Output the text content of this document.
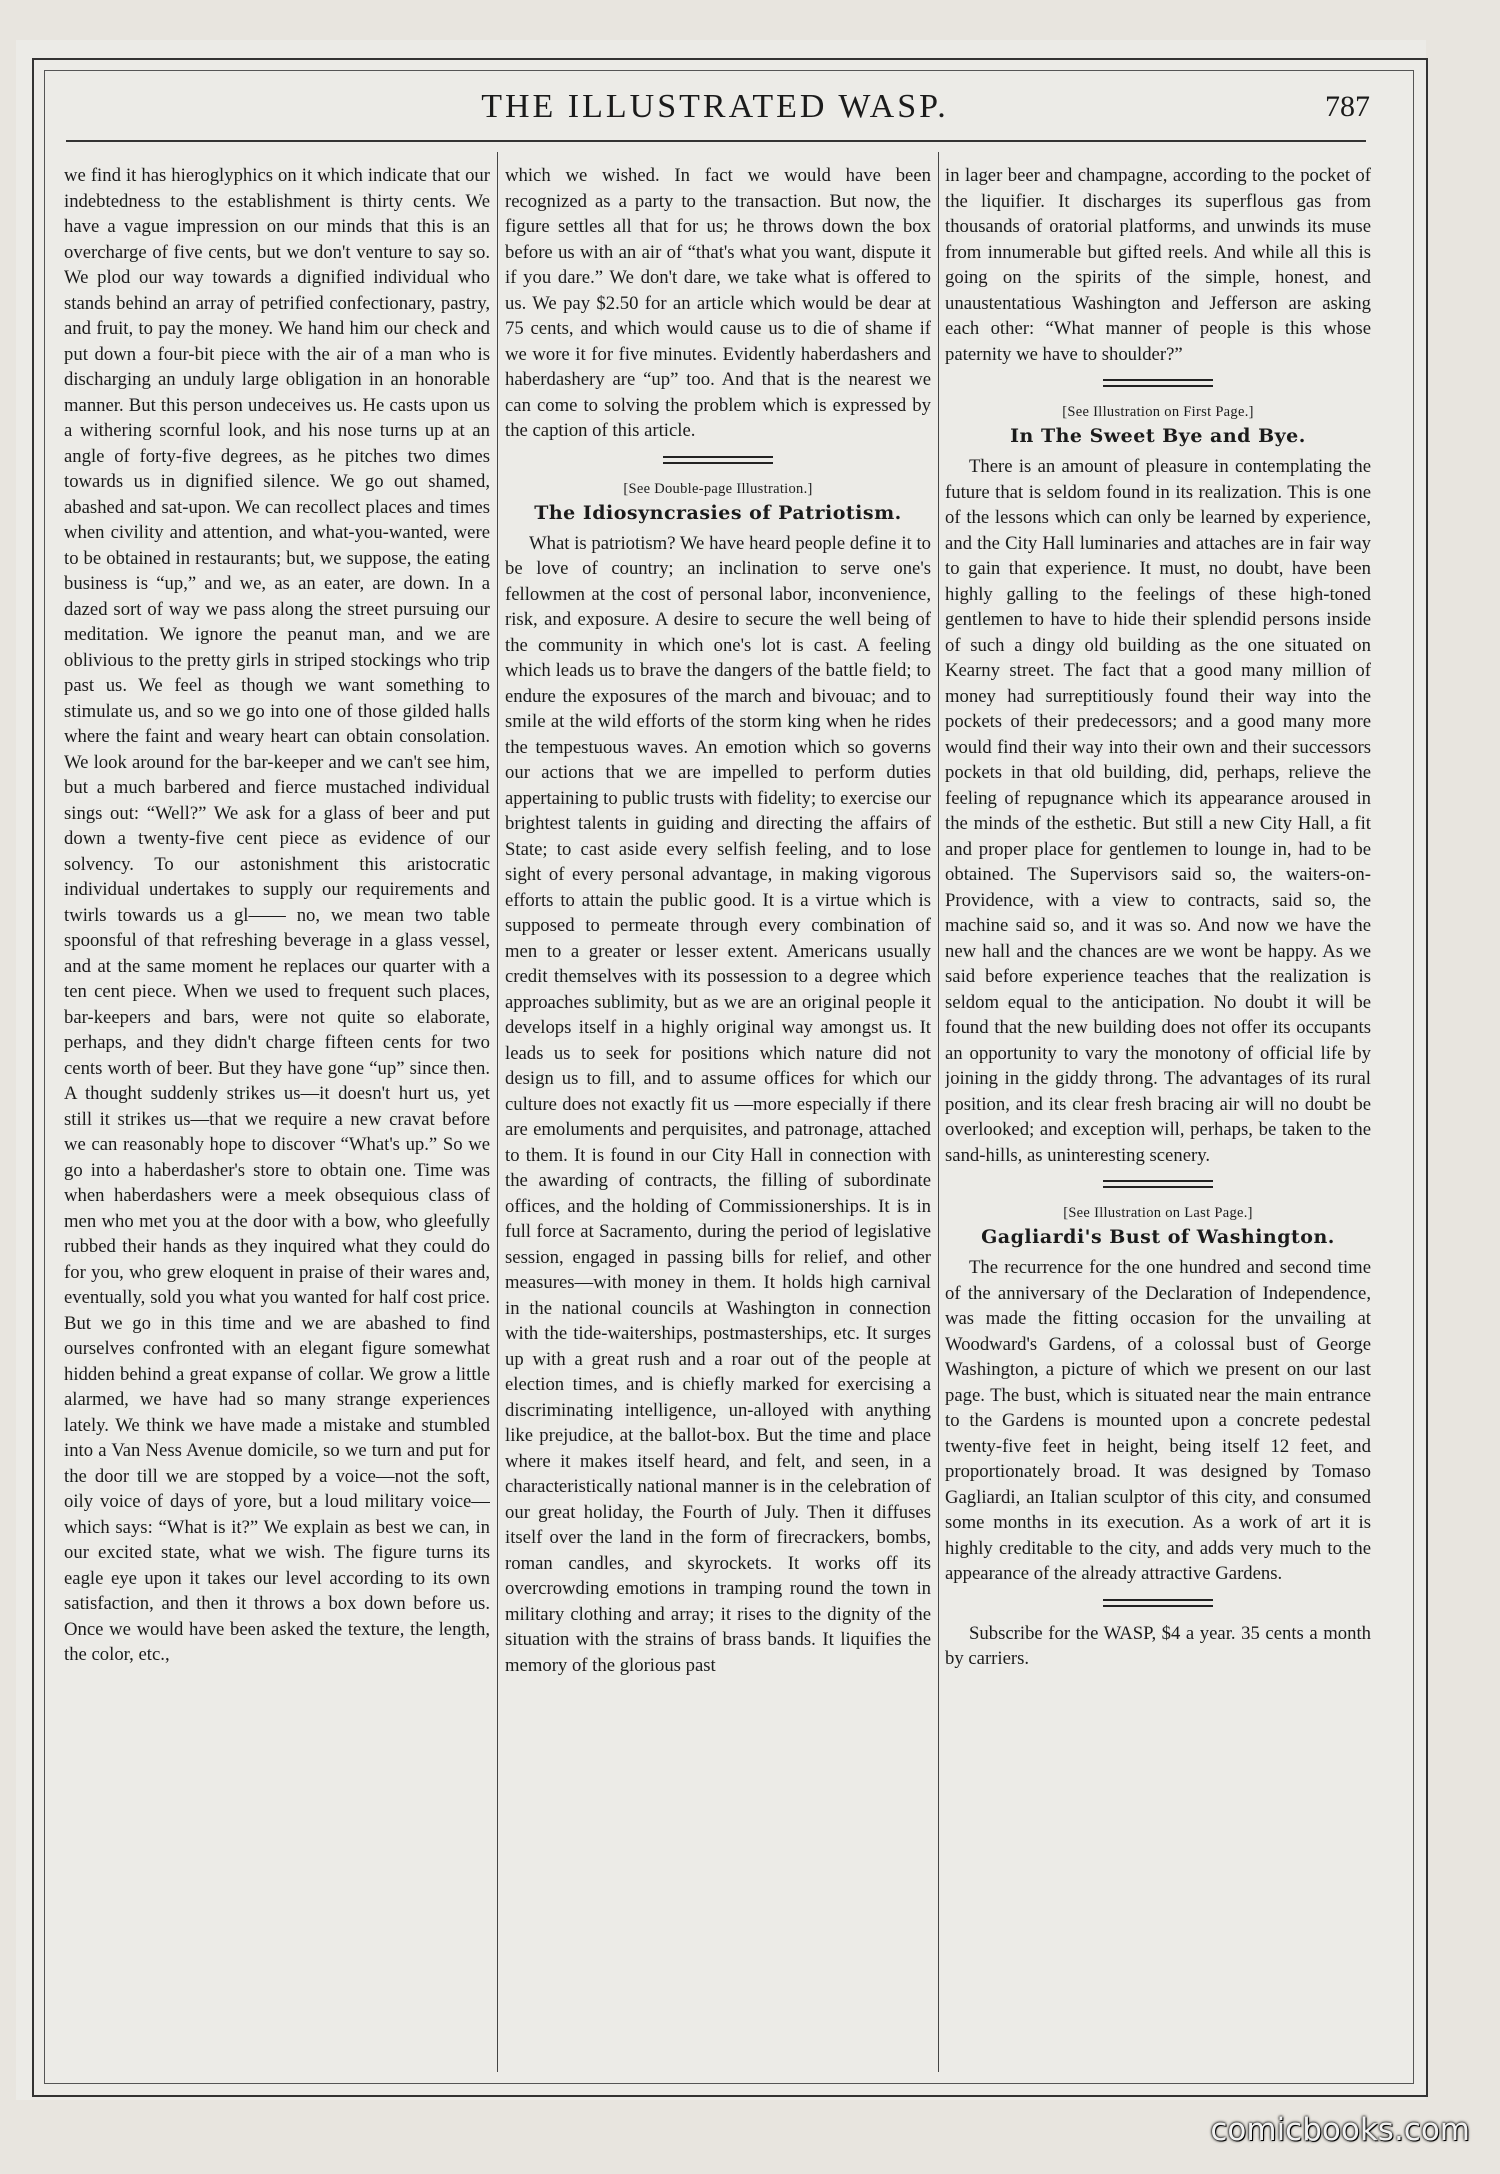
THE ILLUSTRATED WASP.	787

we find it has hieroglyphics on it which indicate that our indebtedness to the establishment is thirty cents. We have a vague impression on our minds that this is an overcharge of five cents, but we don't venture to say so. We plod our way towards a dignified individual who stands behind an array of petrified confectionary, pastry, and fruit, to pay the money. We hand him our check and put down a four-bit piece with the air of a man who is discharging an unduly large obligation in an honorable manner. But this person undeceives us. He casts upon us a withering scornful look, and his nose turns up at an angle of forty-five degrees, as he pitches two dimes towards us in dignified silence. We go out shamed, abashed and sat-upon. We can recollect places and times when civility and attention, and what-you-wanted, were to be obtained in restaurants; but, we suppose, the eating business is “up,” and we, as an eater, are down. In a dazed sort of way we pass along the street pursuing our meditation. We ignore the peanut man, and we are oblivious to the pretty girls in striped stockings who trip past us. We feel as though we want something to stimulate us, and so we go into one of those gilded halls where the faint and weary heart can obtain consolation. We look around for the bar-keeper and we can't see him, but a much barbered and fierce mustached individual sings out: “Well?” We ask for a glass of beer and put down a twenty-five cent piece as evidence of our solvency. To our astonishment this aristocratic individual undertakes to supply our requirements and twirls towards us a gl—— no, we mean two table spoonsful of that refreshing beverage in a glass vessel, and at the same moment he replaces our quarter with a ten cent piece. When we used to frequent such places, bar-keepers and bars, were not quite so elaborate, perhaps, and they didn't charge fifteen cents for two cents worth of beer. But they have gone “up” since then. A thought suddenly strikes us—it doesn't hurt us, yet still it strikes us—that we require a new cravat before we can reasonably hope to discover “What's up.” So we go into a haberdasher's store to obtain one. Time was when haberdashers were a meek obsequious class of men who met you at the door with a bow, who gleefully rubbed their hands as they inquired what they could do for you, who grew eloquent in praise of their wares and, eventually, sold you what you wanted for half cost price. But we go in this time and we are abashed to find ourselves confronted with an elegant figure somewhat hidden behind a great expanse of collar. We grow a little alarmed, we have had so many strange experiences lately. We think we have made a mistake and stumbled into a Van Ness Avenue domicile, so we turn and put for the door till we are stopped by a voice—not the soft, oily voice of days of yore, but a loud military voice—which says: “What is it?” We explain as best we can, in our excited state, what we wish. The figure turns its eagle eye upon it takes our level according to its own satisfaction, and then it throws a box down before us. Once we would have been asked the texture, the length, the color, etc.,

which we wished. In fact we would have been recognized as a party to the transaction. But now, the figure settles all that for us; he throws down the box before us with an air of “that's what you want, dispute it if you dare.” We don't dare, we take what is offered to us. We pay $2.50 for an article which would be dear at 75 cents, and which would cause us to die of shame if we wore it for five minutes. Evidently haberdashers and haberdashery are “up” too. And that is the nearest we can come to solving the problem which is expressed by the caption of this article.

[See Double-page Illustration.]

The Idiosyncrasies of Patriotism.

What is patriotism? We have heard people define it to be love of country; an inclination to serve one's fellowmen at the cost of personal labor, inconvenience, risk, and exposure. A desire to secure the well being of the community in which one's lot is cast. A feeling which leads us to brave the dangers of the battle field; to endure the exposures of the march and bivouac; and to smile at the wild efforts of the storm king when he rides the tempestuous waves. An emotion which so governs our actions that we are impelled to perform duties appertaining to public trusts with fidelity; to exercise our brightest talents in guiding and directing the affairs of State; to cast aside every selfish feeling, and to lose sight of every personal advantage, in making vigorous efforts to attain the public good. It is a virtue which is supposed to permeate through every combination of men to a greater or lesser extent. Americans usually credit themselves with its possession to a degree which approaches sublimity, but as we are an original people it develops itself in a highly original way amongst us. It leads us to seek for positions which nature did not design us to fill, and to assume offices for which our culture does not exactly fit us —more especially if there are emoluments and perquisites, and patronage, attached to them. It is found in our City Hall in connection with the awarding of contracts, the filling of subordinate offices, and the holding of Commissionerships. It is in full force at Sacramento, during the period of legislative session, engaged in passing bills for relief, and other measures—with money in them. It holds high carnival in the national councils at Washington in connection with the tide-waiterships, postmasterships, etc. It surges up with a great rush and a roar out of the people at election times, and is chiefly marked for exercising a discriminating intelligence, un-alloyed with anything like prejudice, at the ballot-box. But the time and place where it makes itself heard, and felt, and seen, in a characteristically national manner is in the celebration of our great holiday, the Fourth of July. Then it diffuses itself over the land in the form of firecrackers, bombs, roman candles, and skyrockets. It works off its overcrowding emotions in tramping round the town in military clothing and array; it rises to the dignity of the situation with the strains of brass bands. It liquifies the memory of the glorious past

in lager beer and champagne, according to the pocket of the liquifier. It discharges its superflous gas from thousands of oratorial platforms, and unwinds its muse from innumerable but gifted reels. And while all this is going on the spirits of the simple, honest, and unaustentatious Washington and Jefferson are asking each other: “What manner of people is this whose paternity we have to shoulder?”

[See Illustration on First Page.]

In The Sweet Bye and Bye.

There is an amount of pleasure in contemplating the future that is seldom found in its realization. This is one of the lessons which can only be learned by experience, and the City Hall luminaries and attaches are in fair way to gain that experience. It must, no doubt, have been highly galling to the feelings of these high-toned gentlemen to have to hide their splendid persons inside of such a dingy old building as the one situated on Kearny street. The fact that a good many million of money had surreptitiously found their way into the pockets of their predecessors; and a good many more would find their way into their own and their successors pockets in that old building, did, perhaps, relieve the feeling of repugnance which its appearance aroused in the minds of the esthetic. But still a new City Hall, a fit and proper place for gentlemen to lounge in, had to be obtained. The Supervisors said so, the waiters-on-Providence, with a view to contracts, said so, the machine said so, and it was so. And now we have the new hall and the chances are we wont be happy. As we said before experience teaches that the realization is seldom equal to the anticipation. No doubt it will be found that the new building does not offer its occupants an opportunity to vary the monotony of official life by joining in the giddy throng. The advantages of its rural position, and its clear fresh bracing air will no doubt be overlooked; and exception will, perhaps, be taken to the sand-hills, as uninteresting scenery.

[See Illustration on Last Page.]

Gagliardi's Bust of Washington.

The recurrence for the one hundred and second time of the anniversary of the Declaration of Independence, was made the fitting occasion for the unvailing at Woodward's Gardens, of a colossal bust of George Washington, a picture of which we present on our last page. The bust, which is situated near the main entrance to the Gardens is mounted upon a concrete pedestal twenty-five feet in height, being itself 12 feet, and proportionately broad. It was designed by Tomaso Gagliardi, an Italian sculptor of this city, and consumed some months in its execution. As a work of art it is highly creditable to the city, and adds very much to the appearance of the already attractive Gardens.

Subscribe for the WASP, $4 a year. 35 cents a month by carriers.

comicbooks.com
